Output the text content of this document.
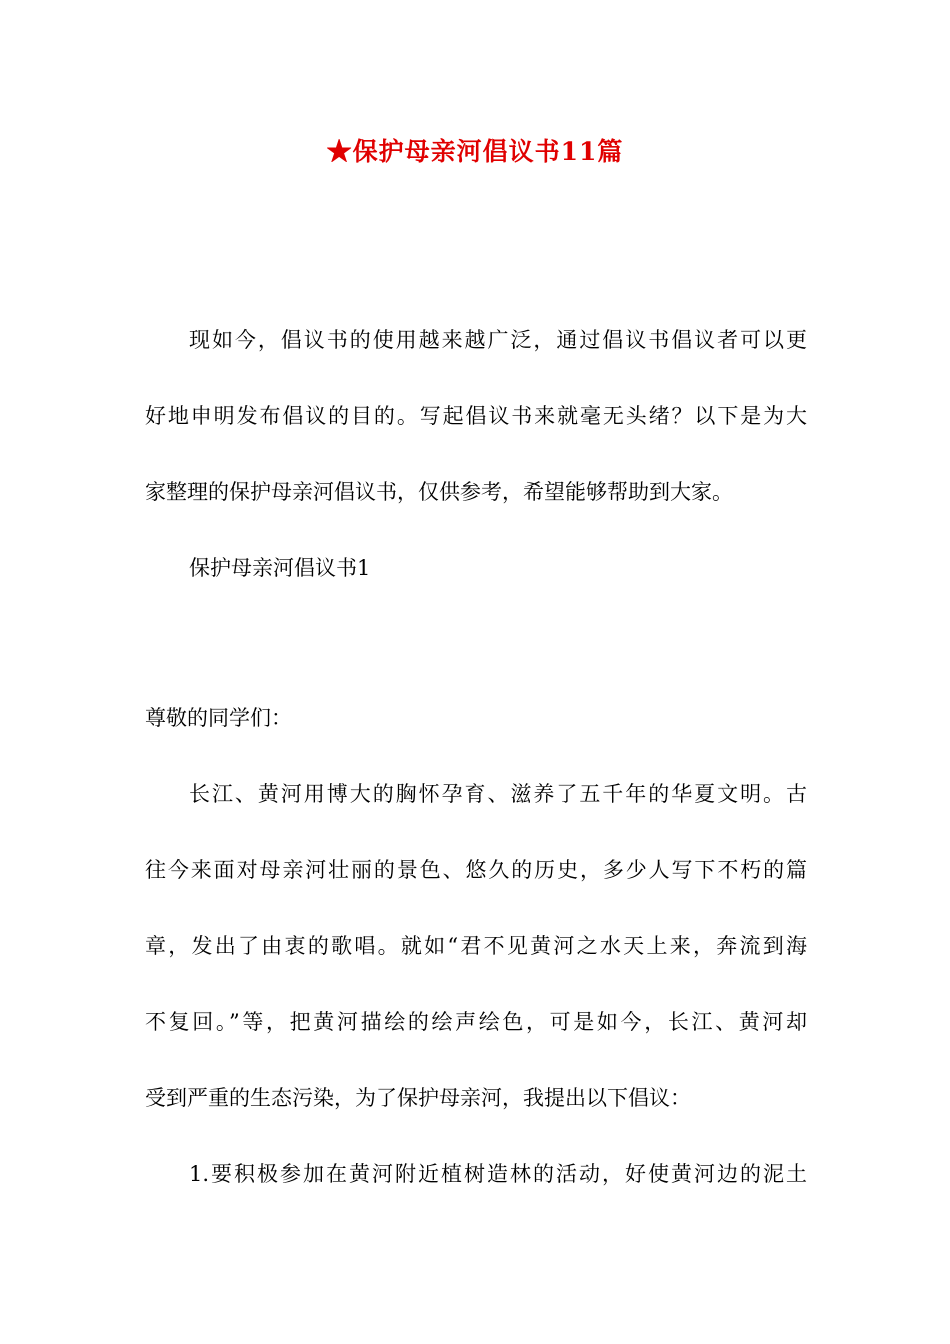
★保护母亲河倡议书11篇
现如今，倡议书的使用越来越广泛，通过倡议书倡议者可以更
好地申明发布倡议的目的。写起倡议书来就毫无头绪？以下是为大
家整理的保护母亲河倡议书，仅供参考，希望能够帮助到大家。
保护母亲河倡议书1
尊敬的同学们：
长江、黄河用博大的胸怀孕育、滋养了五千年的华夏文明。古
往今来面对母亲河壮丽的景色、悠久的历史，多少人写下不朽的篇
章，发出了由衷的歌唱。就如“君不见黄河之水天上来，奔流到海
不复回。”等，把黄河描绘的绘声绘色，可是如今，长江、黄河却
受到严重的生态污染，为了保护母亲河，我提出以下倡议：
1.要积极参加在黄河附近植树造林的活动，好使黄河边的泥土
